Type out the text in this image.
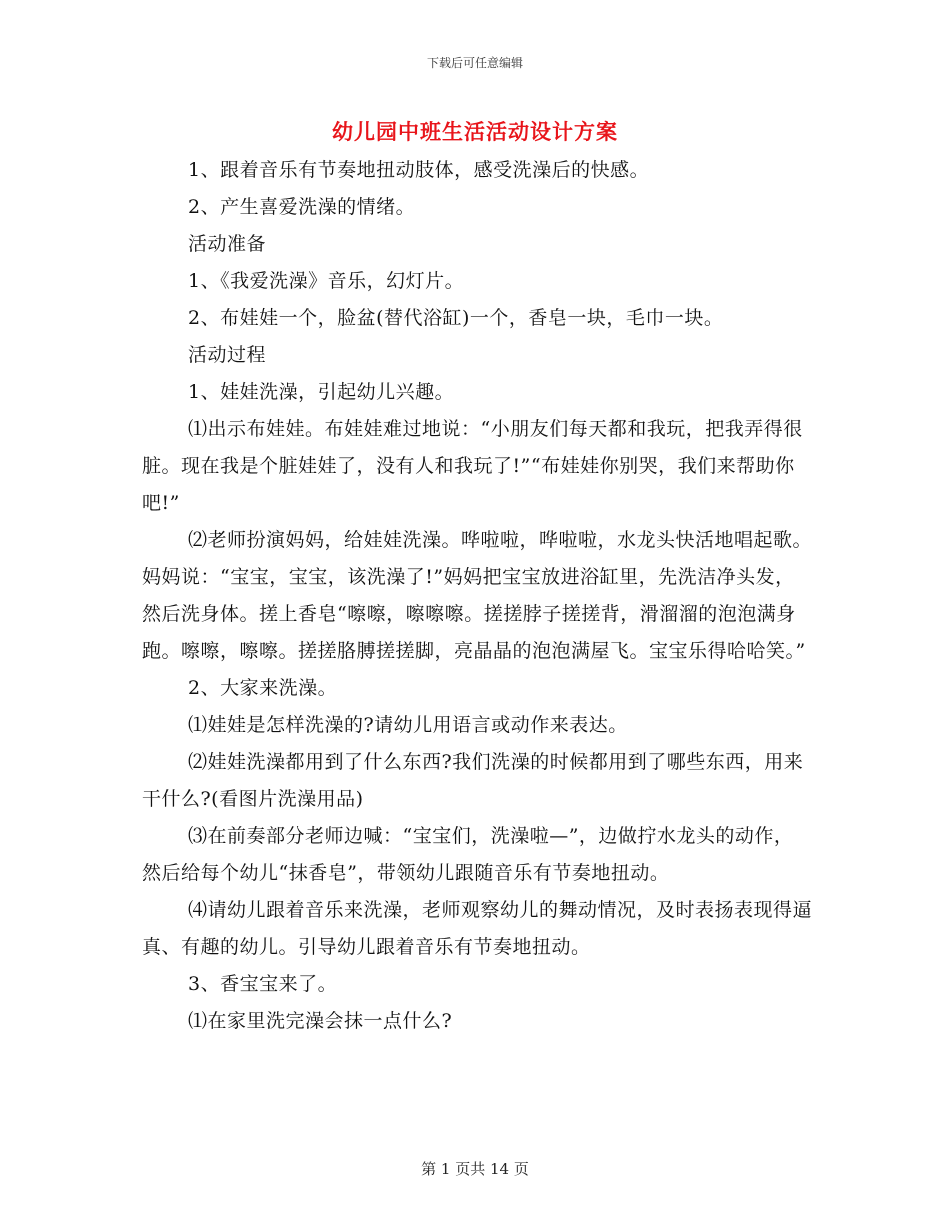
下载后可任意编辑
幼儿园中班生活活动设计方案

1、跟着音乐有节奏地扭动肢体，感受洗澡后的快感。

2、产生喜爱洗澡的情绪。

活动准备

1、《我爱洗澡》音乐，幻灯片。

2、布娃娃一个，脸盆(替代浴缸)一个，香皂一块，毛巾一块。

活动过程

1、娃娃洗澡，引起幼儿兴趣。

⑴出示布娃娃。布娃娃难过地说：“小朋友们每天都和我玩，把我弄得很脏。现在我是个脏娃娃了，没有人和我玩了!”“布娃娃你别哭，我们来帮助你吧!”

⑵老师扮演妈妈，给娃娃洗澡。哗啦啦，哗啦啦，水龙头快活地唱起歌。妈妈说：“宝宝，宝宝，该洗澡了!”妈妈把宝宝放进浴缸里，先洗洁净头发，然后洗身体。搓上香皂“嚓嚓，嚓嚓嚓。搓搓脖子搓搓背，滑溜溜的泡泡满身跑。嚓嚓，嚓嚓。搓搓胳膊搓搓脚，亮晶晶的泡泡满屋飞。宝宝乐得哈哈笑。”

2、大家来洗澡。

⑴娃娃是怎样洗澡的?请幼儿用语言或动作来表达。

⑵娃娃洗澡都用到了什么东西?我们洗澡的时候都用到了哪些东西，用来干什么?(看图片洗澡用品)

⑶在前奏部分老师边喊：“宝宝们，洗澡啦—”，边做拧水龙头的动作，然后给每个幼儿“抹香皂”，带领幼儿跟随音乐有节奏地扭动。

⑷请幼儿跟着音乐来洗澡，老师观察幼儿的舞动情况，及时表扬表现得逼真、有趣的幼儿。引导幼儿跟着音乐有节奏地扭动。

3、香宝宝来了。

⑴在家里洗完澡会抹一点什么?

第 1 页共 14 页
